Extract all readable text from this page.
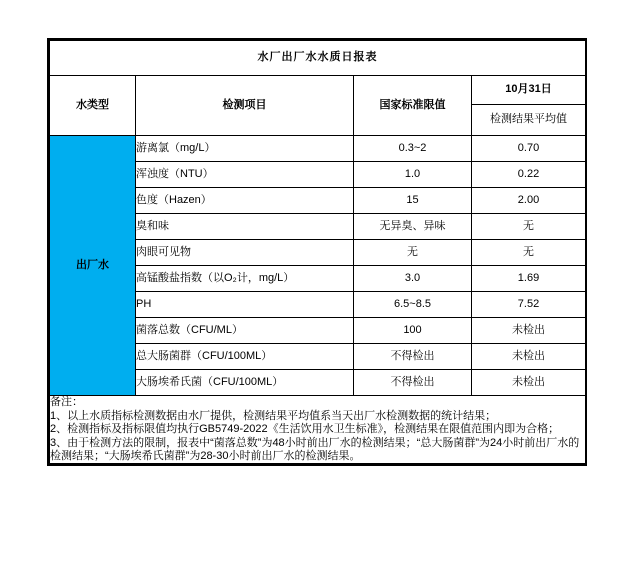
水厂出厂水水质日报表			
水类型	检测项目	国家标准限值	10月31日
			检测结果平均值
出厂水	游离氯（mg/L）	0.3~2	0.70
	浑浊度（NTU）	1.0	0.22
	色度（Hazen）	15	2.00
	臭和味	无异臭、异味	无
	肉眼可见物	无	无
	高锰酸盐指数（以O₂计，mg/L）	3.0	1.69
	PH	6.5~8.5	7.52
	菌落总数（CFU/ML）	100	未检出
	总大肠菌群（CFU/100ML）	不得检出	未检出
	大肠埃希氏菌（CFU/100ML）	不得检出	未检出

备注：
1、以上水质指标检测数据由水厂提供，检测结果平均值系当天出厂水检测数据的统计结果；
2、检测指标及指标限值均执行GB5749-2022《生活饮用水卫生标准》，检测结果在限值范围内即为合格；
3、由于检测方法的限制，报表中“菌落总数”为48小时前出厂水的检测结果；“总大肠菌群”为24小时前出厂水的检测结果；“大肠埃希氏菌群”为28-30小时前出厂水的检测结果。			
